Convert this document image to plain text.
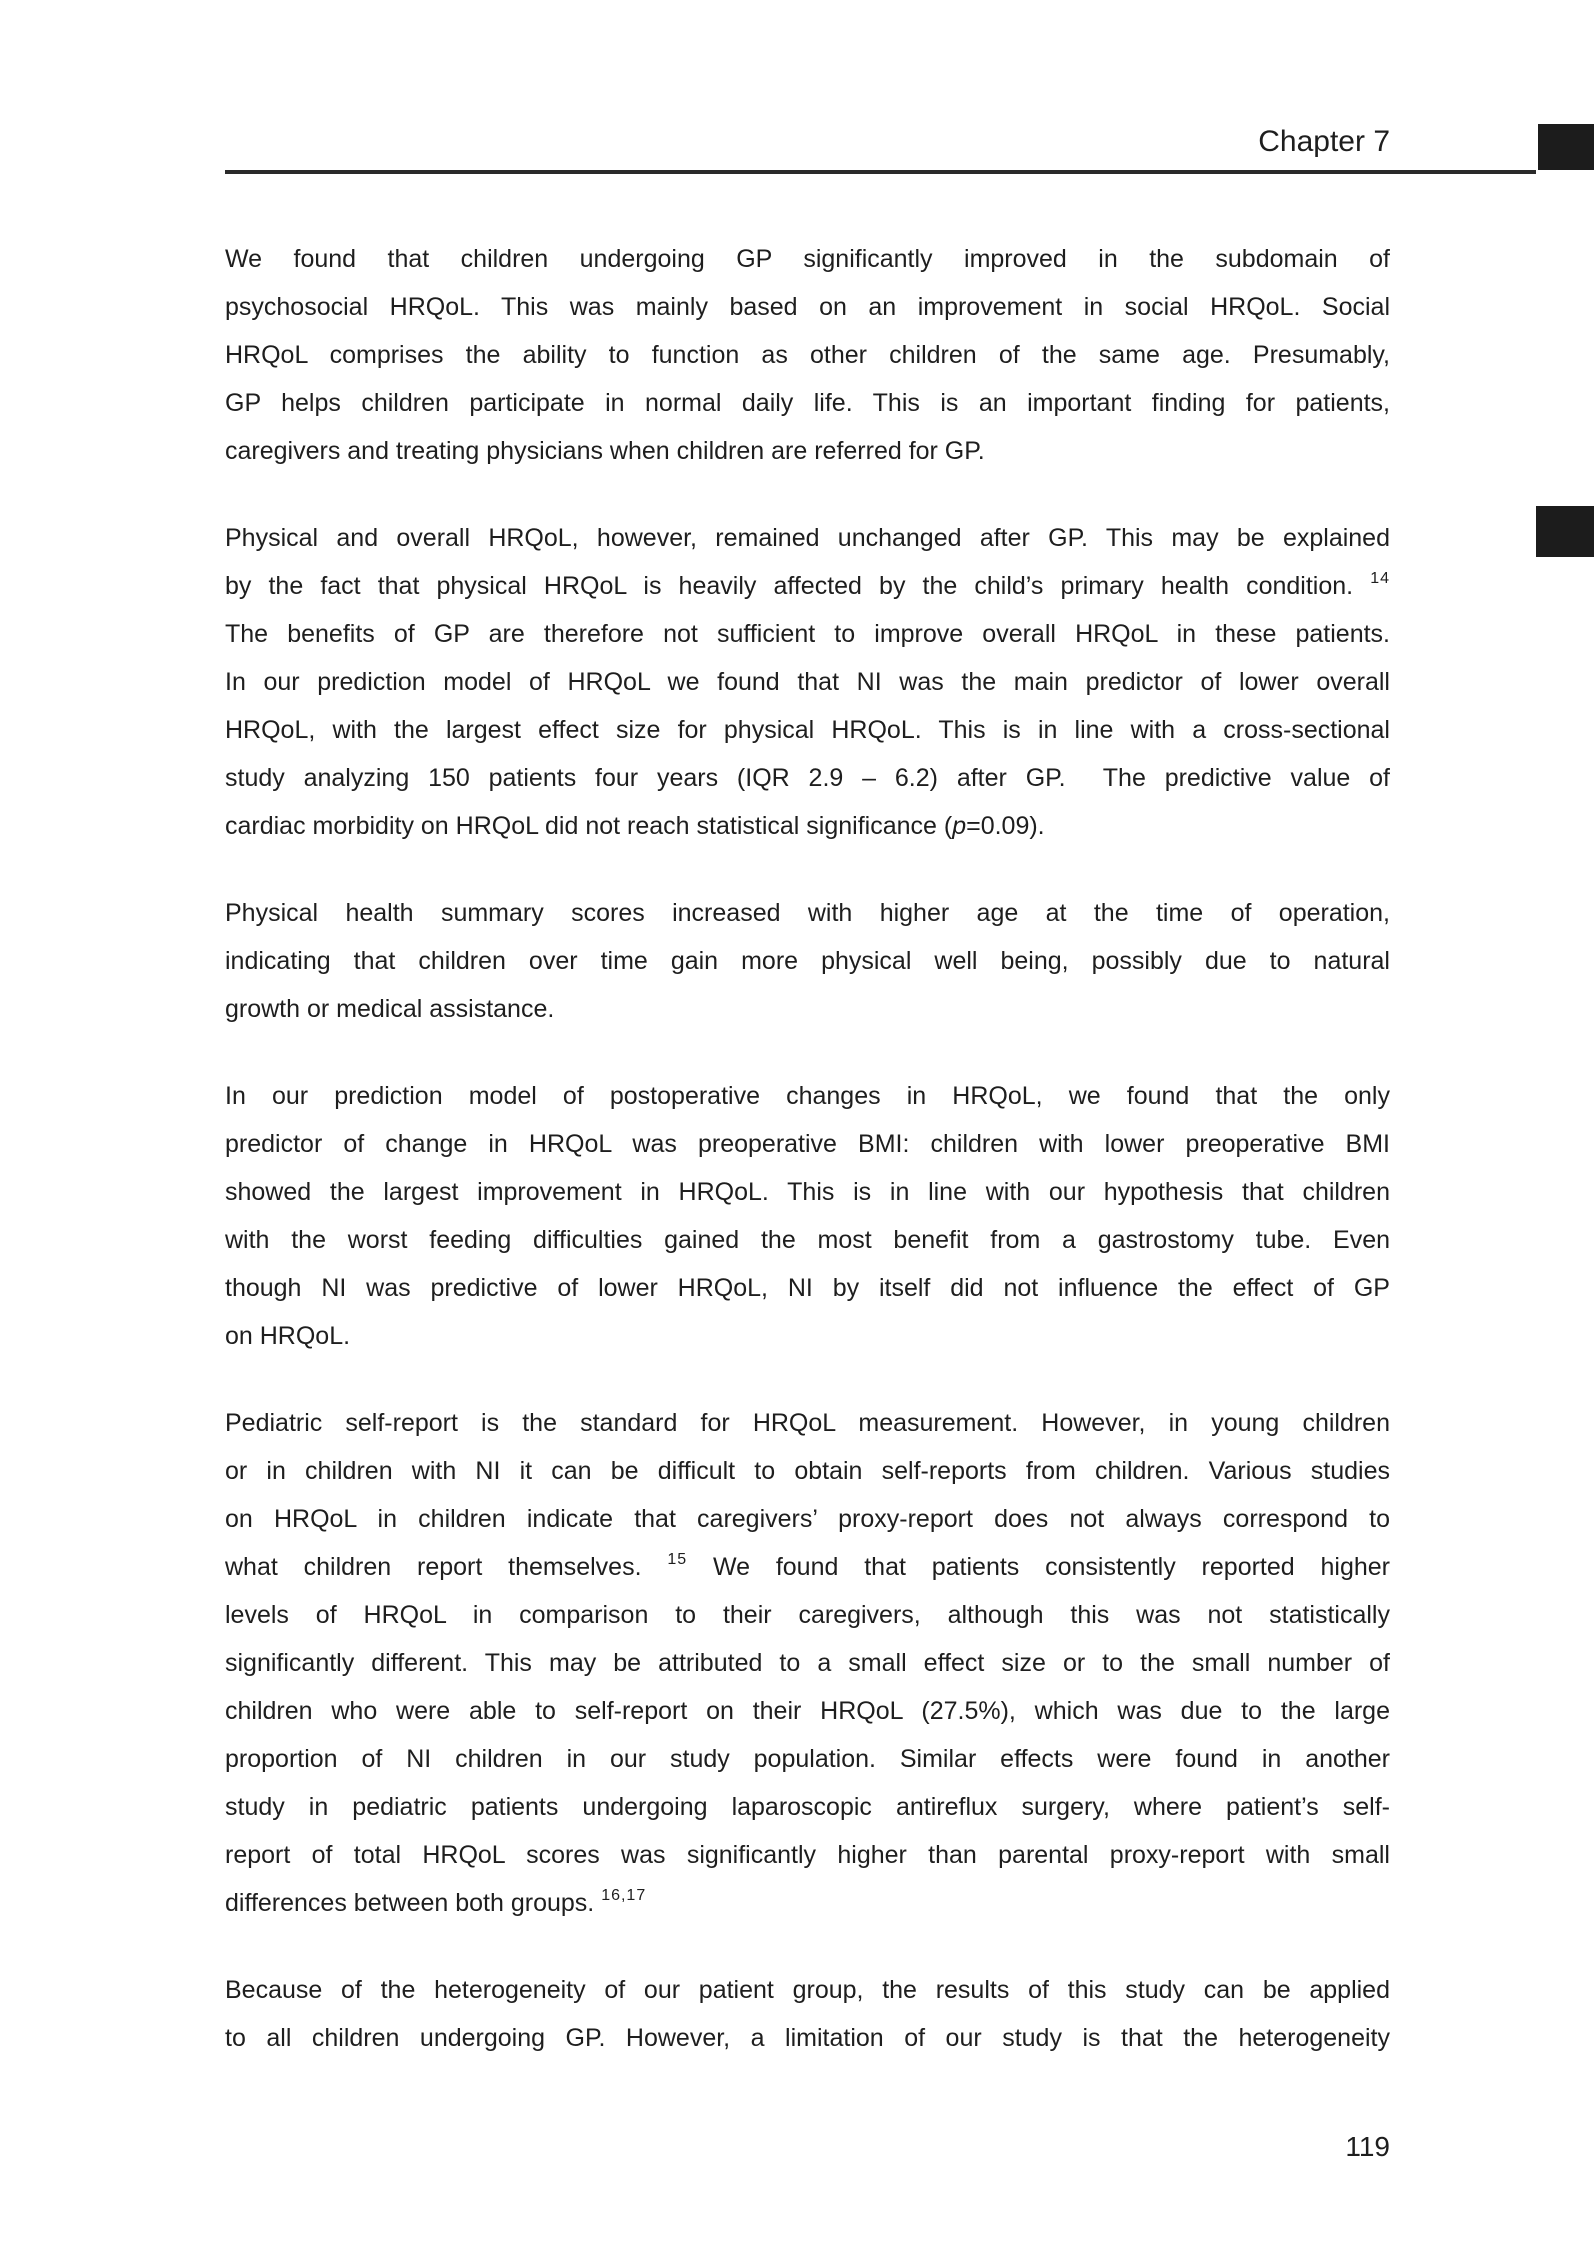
Chapter 7
We found that children undergoing GP significantly improved in the subdomain of
psychosocial HRQoL. This was mainly based on an improvement in social HRQoL. Social
HRQoL comprises the ability to function as other children of the same age. Presumably,
GP helps children participate in normal daily life. This is an important finding for patients,
caregivers and treating physicians when children are referred for GP.
Physical and overall HRQoL, however, remained unchanged after GP. This may be explained
by the fact that physical HRQoL is heavily affected by the child’s primary health condition. $^{14}$
The benefits of GP are therefore not sufficient to improve overall HRQoL in these patients.
In our prediction model of HRQoL we found that NI was the main predictor of lower overall
HRQoL, with the largest effect size for physical HRQoL. This is in line with a cross-sectional
study analyzing 150 patients four years (IQR 2.9 – 6.2) after GP.  The predictive value of
cardiac morbidity on HRQoL did not reach statistical significance (p=0.09).
Physical health summary scores increased with higher age at the time of operation,
indicating that children over time gain more physical well being, possibly due to natural
growth or medical assistance.
In our prediction model of postoperative changes in HRQoL, we found that the only
predictor of change in HRQoL was preoperative BMI: children with lower preoperative BMI
showed the largest improvement in HRQoL. This is in line with our hypothesis that children
with the worst feeding difficulties gained the most benefit from a gastrostomy tube. Even
though NI was predictive of lower HRQoL, NI by itself did not influence the effect of GP
on HRQoL.
Pediatric self-report is the standard for HRQoL measurement. However, in young children
or in children with NI it can be difficult to obtain self-reports from children. Various studies
on HRQoL in children indicate that caregivers’ proxy-report does not always correspond to
what children report themselves. $^{15}$ We found that patients consistently reported higher
levels of HRQoL in comparison to their caregivers, although this was not statistically
significantly different. This may be attributed to a small effect size or to the small number of
children who were able to self-report on their HRQoL (27.5%), which was due to the large
proportion of NI children in our study population. Similar effects were found in another
study in pediatric patients undergoing laparoscopic antireflux surgery, where patient’s self-
report of total HRQoL scores was significantly higher than parental proxy-report with small
differences between both groups. $^{16,17}$
Because of the heterogeneity of our patient group, the results of this study can be applied
to all children undergoing GP. However, a limitation of our study is that the heterogeneity
119
